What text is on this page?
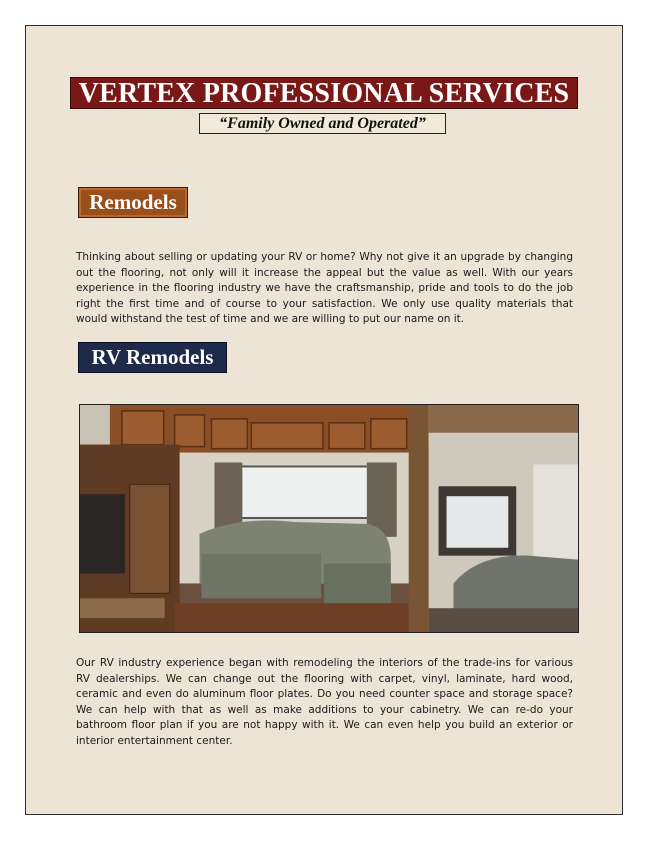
VERTEX PROFESSIONAL SERVICES
“Family Owned and Operated”
Remodels

Thinking about selling or updating your RV or home? Why not give it an upgrade by changing out the flooring, not only will it increase the appeal but the value as well. With our years experience in the flooring industry we have the craftsmanship, pride and tools to do the job right the first time and of course to your satisfaction. We only use quality materials that would withstand the test of time and we are willing to put our name on it.

RV Remodels

Our RV industry experience began with remodeling the interiors of the trade-ins for various RV dealerships. We can change out the flooring with carpet, vinyl, laminate, hard wood, ceramic and even do aluminum floor plates. Do you need counter space and storage space? We can help with that as well as make additions to your cabinetry. We can re-do your bathroom floor plan if you are not happy with it. We can even help you build an exterior or interior entertainment center.
